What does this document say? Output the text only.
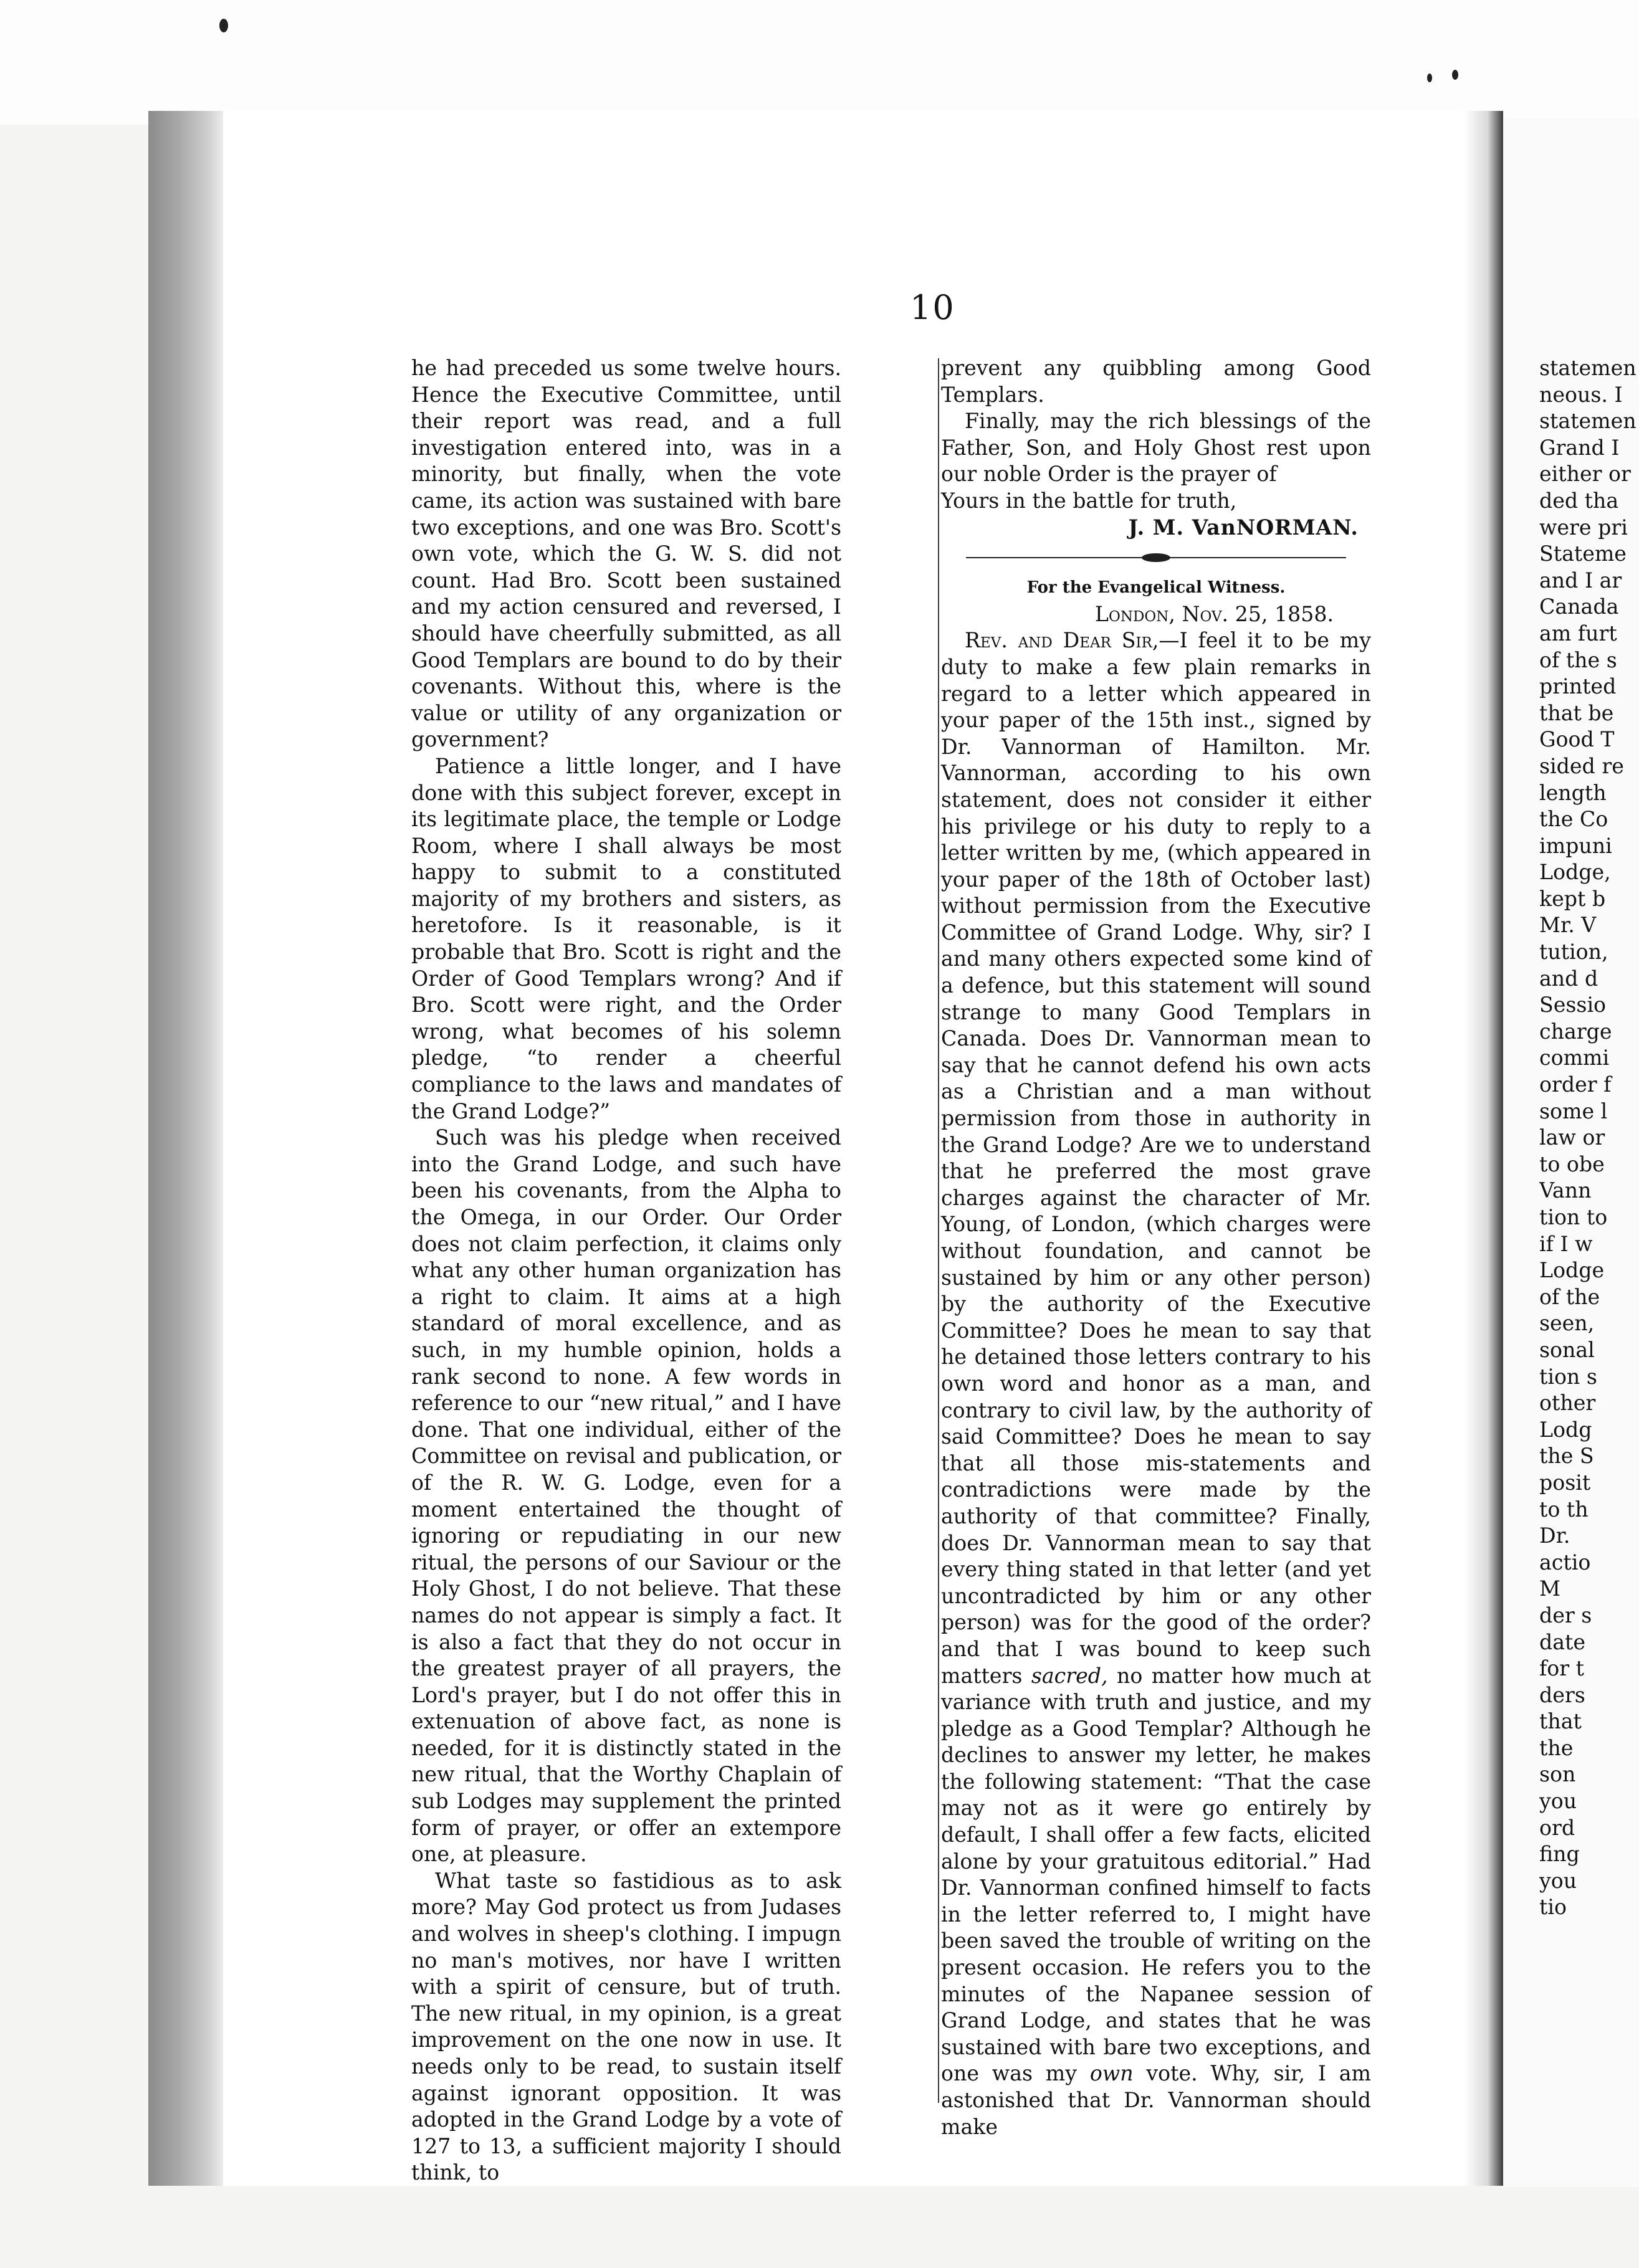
10

he had preceded us some twelve hours. Hence the Executive Committee, until their report was read, and a full investigation entered into, was in a minority, but finally, when the vote came, its action was sustained with bare two exceptions, and one was Bro. Scott's own vote, which the G. W. S. did not count. Had Bro. Scott been sustained and my action censured and reversed, I should have cheerfully submitted, as all Good Templars are bound to do by their covenants. Without this, where is the value or utility of any organization or government?

Patience a little longer, and I have done with this subject forever, except in its legitimate place, the temple or Lodge Room, where I shall always be most happy to submit to a constituted majority of my brothers and sisters, as heretofore. Is it reasonable, is it probable that Bro. Scott is right and the Order of Good Templars wrong? And if Bro. Scott were right, and the Order wrong, what becomes of his solemn pledge, “to render a cheerful compliance to the laws and mandates of the Grand Lodge?”

Such was his pledge when received into the Grand Lodge, and such have been his covenants, from the Alpha to the Omega, in our Order. Our Order does not claim perfection, it claims only what any other human organization has a right to claim. It aims at a high standard of moral excellence, and as such, in my humble opinion, holds a rank second to none. A few words in reference to our “new ritual,” and I have done. That one individual, either of the Committee on revisal and publication, or of the R. W. G. Lodge, even for a moment entertained the thought of ignoring or repudiating in our new ritual, the persons of our Saviour or the Holy Ghost, I do not believe. That these names do not appear is simply a fact. It is also a fact that they do not occur in the greatest prayer of all prayers, the Lord's prayer, but I do not offer this in extenuation of above fact, as none is needed, for it is distinctly stated in the new ritual, that the Worthy Chaplain of sub Lodges may supplement the printed form of prayer, or offer an extempore one, at pleasure.

What taste so fastidious as to ask more? May God protect us from Judases and wolves in sheep's clothing. I impugn no man's motives, nor have I written with a spirit of censure, but of truth. The new ritual, in my opinion, is a great improvement on the one now in use. It needs only to be read, to sustain itself against ignorant opposition. It was adopted in the Grand Lodge by a vote of 127 to 13, a sufficient majority I should think, to

prevent any quibbling among Good Templars.

Finally, may the rich blessings of the Father, Son, and Holy Ghost rest upon our noble Order is the prayer of

Yours in the battle for truth,

J. M. VanNORMAN.

For the Evangelical Witness.

London, Nov. 25, 1858.

Rev. and Dear Sir,—I feel it to be my duty to make a few plain remarks in regard to a letter which appeared in your paper of the 15th inst., signed by Dr. Vannorman of Hamilton. Mr. Vannorman, according to his own statement, does not consider it either his privilege or his duty to reply to a letter written by me, (which appeared in your paper of the 18th of October last) without permission from the Executive Committee of Grand Lodge. Why, sir? I and many others expected some kind of a defence, but this statement will sound strange to many Good Templars in Canada. Does Dr. Vannorman mean to say that he cannot defend his own acts as a Christian and a man without permission from those in authority in the Grand Lodge? Are we to understand that he preferred the most grave charges against the character of Mr. Young, of London, (which charges were without foundation, and cannot be sustained by him or any other person) by the authority of the Executive Committee? Does he mean to say that he detained those letters contrary to his own word and honor as a man, and contrary to civil law, by the authority of said Committee? Does he mean to say that all those mis-statements and contradictions were made by the authority of that committee? Finally, does Dr. Vannorman mean to say that every thing stated in that letter (and yet uncontradicted by him or any other person) was for the good of the order? and that I was bound to keep such matters sacred, no matter how much at variance with truth and justice, and my pledge as a Good Templar? Although he declines to answer my letter, he makes the following statement: “That the case may not as it were go entirely by default, I shall offer a few facts, elicited alone by your gratuitous editorial.” Had Dr. Vannorman confined himself to facts in the letter referred to, I might have been saved the trouble of writing on the present occasion. He refers you to the minutes of the Napanee session of Grand Lodge, and states that he was sustained with bare two exceptions, and one was my own vote. Why, sir, I am astonished that Dr. Vannorman should make

statemen
neous. I
statemen
Grand I
either or
ded tha
were pri
Stateme
and I ar
Canada
am furt
of the s
printed
that be
Good T
sided re
length
the Co
impuni
Lodge,
kept b
Mr. V
tution,
and d
Sessio
charge
commi
order f
some l
law or
to obe
Vann
tion to
if I w
Lodge
of the
seen,
sonal
tion s
other
Lodg
the S
posit
to th
Dr.
actio
M
der s
date
for t
ders
that
the
son
you
ord
fing
you
tio
